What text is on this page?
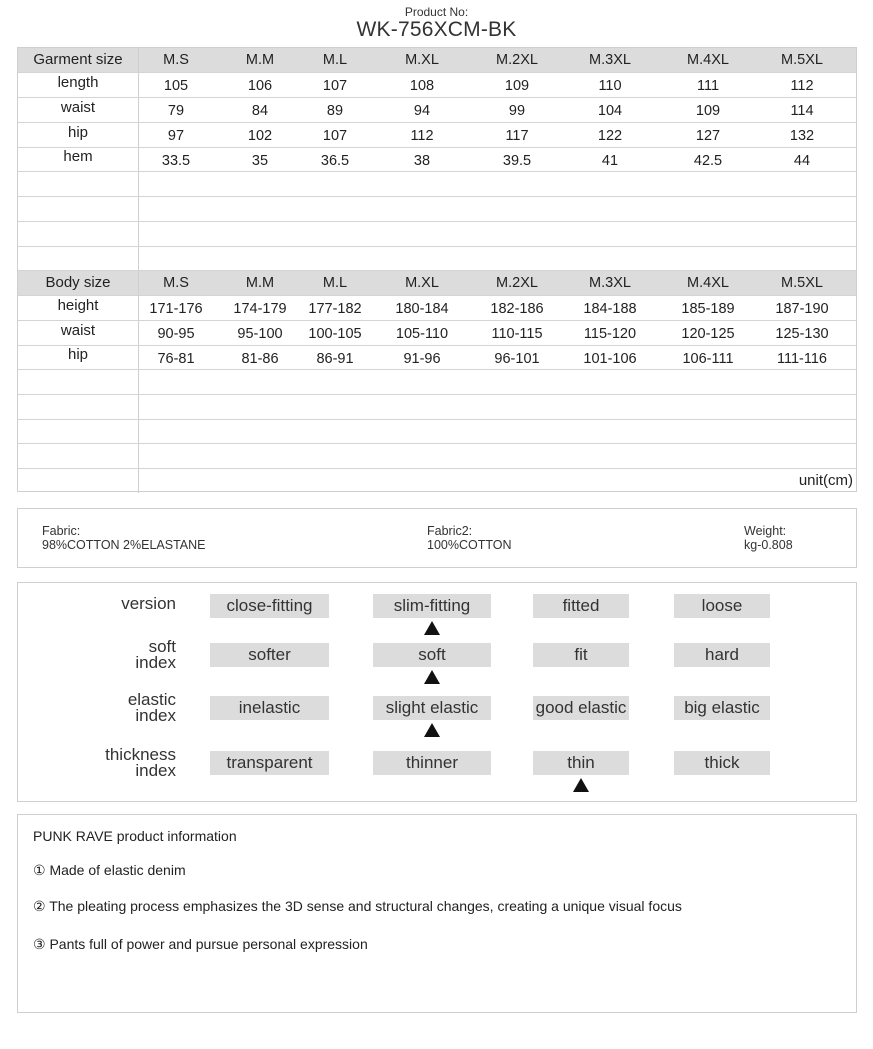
Product No:
WK-756XCM-BK
Garment size	M.S	M.M	M.L	M.XL	M.2XL	M.3XL	M.4XL	M.5XL
length	105	106	107	108	109	110	111	112
waist	79	84	89	94	99	104	109	114
hip	97	102	107	112	117	122	127	132
hem	33.5	35	36.5	38	39.5	41	42.5	44
Body size	M.S	M.M	M.L	M.XL	M.2XL	M.3XL	M.4XL	M.5XL
height	171-176	174-179	177-182	180-184	182-186	184-188	185-189	187-190
waist	90-95	95-100	100-105	105-110	110-115	115-120	120-125	125-130
hip	76-81	81-86	86-91	91-96	96-101	101-106	106-111	111-116
unit(cm)
Fabric:
98%COTTON 2%ELASTANE
Fabric2:
100%COTTON
Weight:
kg-0.808
version	close-fitting	slim-fitting	fitted	loose
soft
index	softer	soft	fit	hard
elastic
index	inelastic	slight elastic	good elastic	big elastic
thickness
index	transparent	thinner	thin	thick
PUNK RAVE product information
① Made of elastic denim
② The pleating process emphasizes the 3D sense and structural changes, creating a unique visual focus
③ Pants full of power and pursue personal expression
